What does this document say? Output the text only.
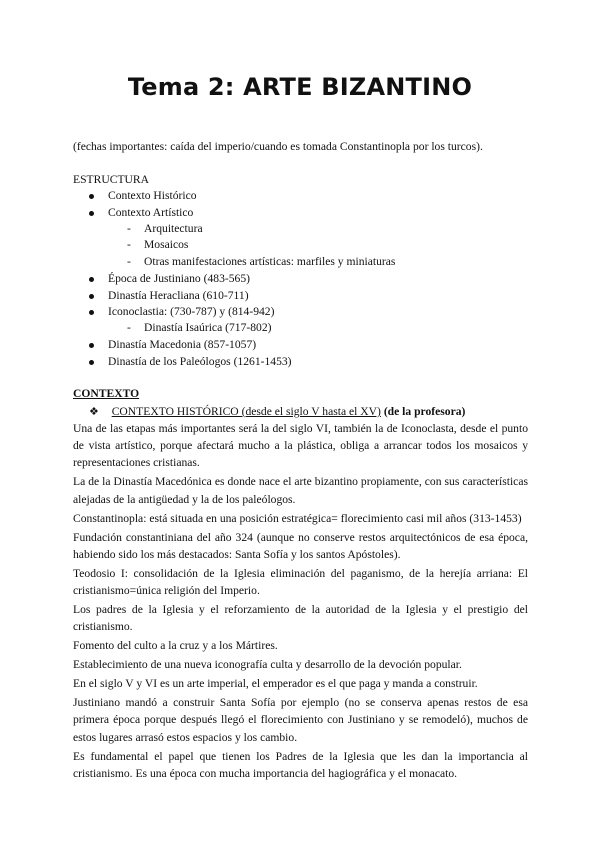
Tema 2: ARTE BIZANTINO
(fechas importantes: caída del imperio/cuando es tomada Constantinopla por los turcos).
ESTRUCTURA
Contexto Histórico
Contexto Artístico
- Arquitectura
- Mosaicos
- Otras manifestaciones artísticas: marfiles y miniaturas
Época de Justiniano (483-565)
Dinastía Heracliana (610-711)
Iconoclastia: (730-787) y (814-942)
- Dinastía Isaúrica (717-802)
Dinastía Macedonia (857-1057)
Dinastía de los Paleólogos (1261-1453)
CONTEXTO
❖ CONTEXTO HISTÓRICO (desde el siglo V hasta el XV) (de la profesora)

Una de las etapas más importantes será la del siglo VI, también la de Iconoclasta, desde el punto de vista artístico, porque afectará mucho a la plástica, obliga a arrancar todos los mosaicos y representaciones cristianas.

La de la Dinastía Macedónica es donde nace el arte bizantino propiamente, con sus características alejadas de la antigüedad y la de los paleólogos.

Constantinopla: está situada en una posición estratégica= florecimiento casi mil años (313-1453)

Fundación constantiniana del año 324 (aunque no conserve restos arquitectónicos de esa época, habiendo sido los más destacados: Santa Sofía y los santos Apóstoles).

Teodosio I: consolidación de la Iglesia eliminación del paganismo, de la herejía arriana: El cristianismo=única religión del Imperio.

Los padres de la Iglesia y el reforzamiento de la autoridad de la Iglesia y el prestigio del cristianismo.

Fomento del culto a la cruz y a los Mártires.

Establecimiento de una nueva iconografía culta y desarrollo de la devoción popular.

En el siglo V y VI es un arte imperial, el emperador es el que paga y manda a construir.

Justiniano mandó a construir Santa Sofía por ejemplo (no se conserva apenas restos de esa primera época porque después llegó el florecimiento con Justiniano y se remodeló), muchos de estos lugares arrasó estos espacios y los cambio.

Es fundamental el papel que tienen los Padres de la Iglesia que les dan la importancia al cristianismo. Es una época con mucha importancia del hagiográfica y el monacato.
